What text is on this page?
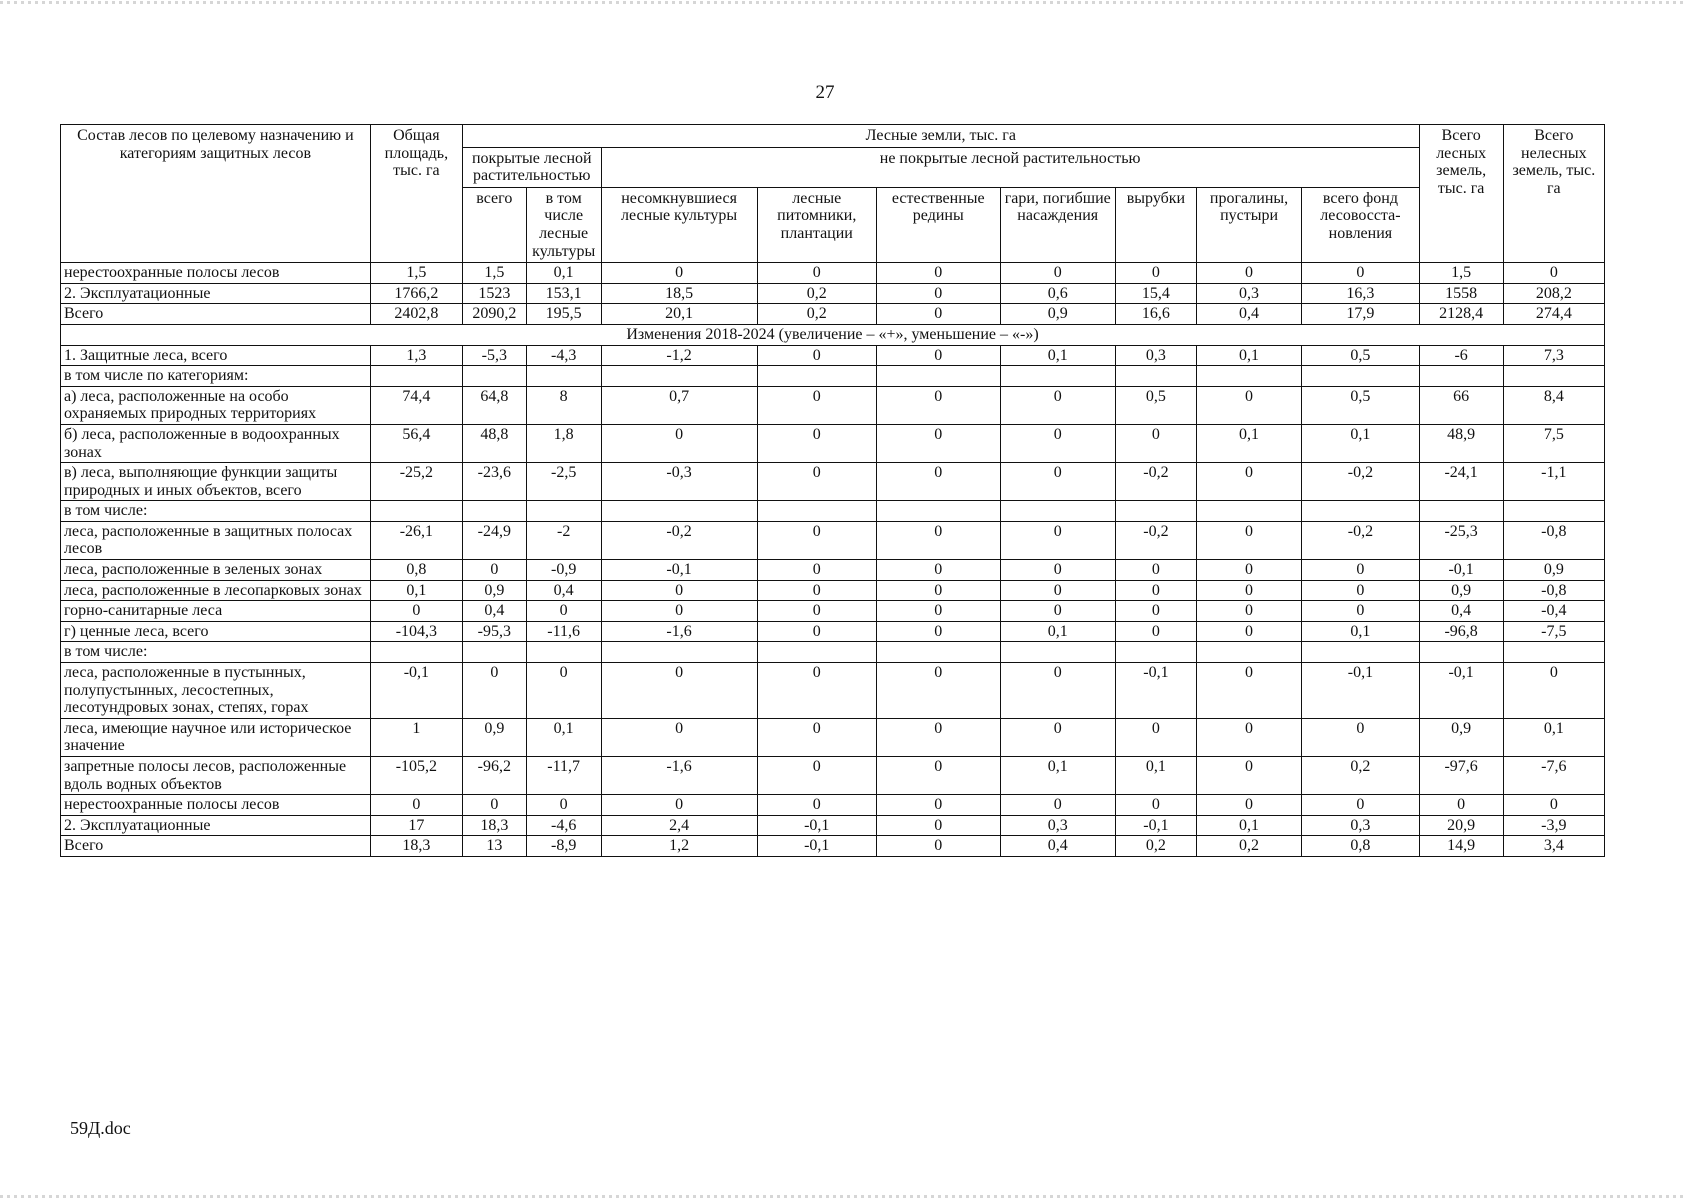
27
Состав лесов по целевому назначению и категориям защитных лесов	Общая площадь, тыс. га	Лесные земли, тыс. га									Всего лесных земель, тыс. га	Всего нелесных земель, тыс. га
		покрытые лесной растительностью		не покрытые лесной растительностью								
		всего	в том числе лесные культуры	несомкнувшиеся лесные культуры	лесные питомники, плантации	естественные редины	гари, погибшие насаждения	вырубки	прогалины, пустыри	всего фонд лесовосста-новления		
нерестоохранные полосы лесов	1,5	1,5	0,1	0	0	0	0	0	0	0	1,5	0
2. Эксплуатационные	1766,2	1523	153,1	18,5	0,2	0	0,6	15,4	0,3	16,3	1558	208,2
Всего	2402,8	2090,2	195,5	20,1	0,2	0	0,9	16,6	0,4	17,9	2128,4	274,4
Изменения 2018-2024 (увеличение – «+», уменьшение – «-»)												
1. Защитные леса, всего	1,3	-5,3	-4,3	-1,2	0	0	0,1	0,3	0,1	0,5	-6	7,3
в том числе по категориям:												
а) леса, расположенные на особо охраняемых природных территориях	74,4	64,8	8	0,7	0	0	0	0,5	0	0,5	66	8,4
б) леса, расположенные в водоохранных зонах	56,4	48,8	1,8	0	0	0	0	0	0,1	0,1	48,9	7,5
в) леса, выполняющие функции защиты природных и иных объектов, всего	-25,2	-23,6	-2,5	-0,3	0	0	0	-0,2	0	-0,2	-24,1	-1,1
в том числе:												
леса, расположенные в защитных полосах лесов	-26,1	-24,9	-2	-0,2	0	0	0	-0,2	0	-0,2	-25,3	-0,8
леса, расположенные в зеленых зонах	0,8	0	-0,9	-0,1	0	0	0	0	0	0	-0,1	0,9
леса, расположенные в лесопарковых зонах	0,1	0,9	0,4	0	0	0	0	0	0	0	0,9	-0,8
горно-санитарные леса	0	0,4	0	0	0	0	0	0	0	0	0,4	-0,4
г) ценные леса, всего	-104,3	-95,3	-11,6	-1,6	0	0	0,1	0	0	0,1	-96,8	-7,5
в том числе:												
леса, расположенные в пустынных, полупустынных, лесостепных, лесотундровых зонах, степях, горах	-0,1	0	0	0	0	0	0	-0,1	0	-0,1	-0,1	0
леса, имеющие научное или историческое значение	1	0,9	0,1	0	0	0	0	0	0	0	0,9	0,1
запретные полосы лесов, расположенные вдоль водных объектов	-105,2	-96,2	-11,7	-1,6	0	0	0,1	0,1	0	0,2	-97,6	-7,6
нерестоохранные полосы лесов	0	0	0	0	0	0	0	0	0	0	0	0
2. Эксплуатационные	17	18,3	-4,6	2,4	-0,1	0	0,3	-0,1	0,1	0,3	20,9	-3,9
Всего	18,3	13	-8,9	1,2	-0,1	0	0,4	0,2	0,2	0,8	14,9	3,4
59Д.doc
